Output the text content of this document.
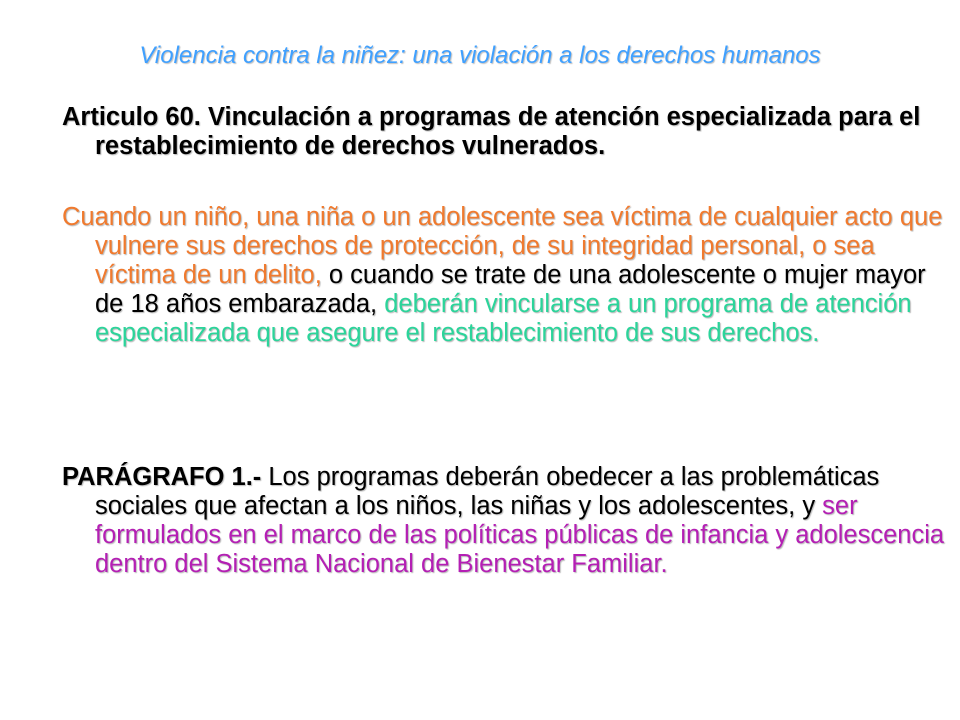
Violencia contra la niñez: una violación a los derechos humanos
Articulo 60. Vinculación a programas de atención especializada para el restablecimiento de derechos vulnerados.
Cuando un niño, una niña o un adolescente sea víctima de cualquier acto que vulnere sus derechos de protección, de su integridad personal, o sea víctima de un delito, o cuando se trate de una adolescente o mujer mayor de 18 años embarazada, deberán vincularse a un programa de atención especializada que asegure el restablecimiento de sus derechos.
PARÁGRAFO 1.- Los programas deberán obedecer a las problemáticas sociales que afectan a los niños, las niñas y los adolescentes, y ser formulados en el marco de las políticas públicas de infancia y adolescencia dentro del Sistema Nacional de Bienestar Familiar.
